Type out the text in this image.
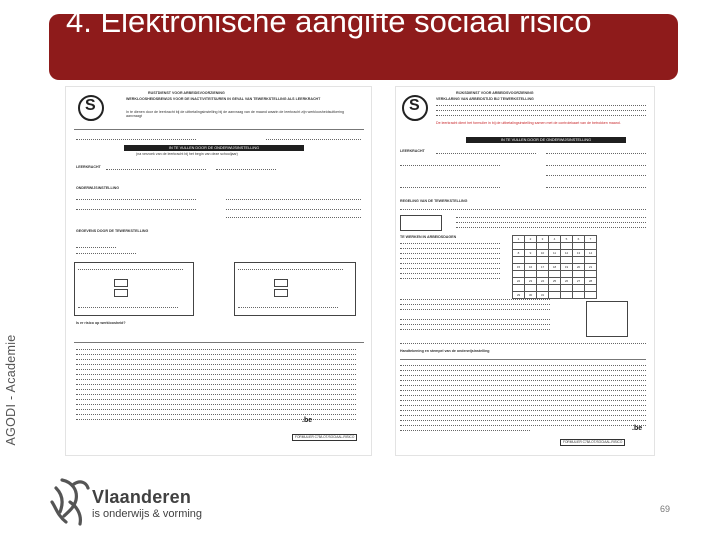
AGODI - Academie
4. Elektronische aangifte sociaal risico
S
RUSTDIENST VOOR ARBEIDSVOORZIENING
WERKLOOSHEIDSBEWIJS VOOR DE INACTIVITEITSUREN IN GEVAL VAN TEWERKSTELLING ALS LEERKRACHT
In te dienen door de leerkracht bij de uitbetalingsinstelling bij de aanvraag van de maand waarin de leerkracht zijn werkloosheidsuitkering aanvraagt
IN TE VULLEN DOOR DE ONDERWIJSINSTELLING
(na verzoek van de leerkracht bij het begin van deze schooljaar)
LEERKRACHT
ONDERWIJSINSTELLING
GEGEVENS DOOR DE TEWERKSTELLING
Is er risico op werkloosheid?
FORMULIER C78/LOT/SOCIAAL-RISICO
.be
S
RIJKSDIENST VOOR ARBEIDSVOORZIENING
VERKLARING VAN ARBEIDSTIJD BIJ TEWERKSTELLING
De leerkracht dient het formulier in bij de uitbetalingsinstelling samen met de controlekaart van de betrokken maand.
IN TE VULLEN DOOR DE ONDERWIJSINSTELLING
LEERKRACHT
REGELING VAN DE TEWERKSTELLING
TE WERKEN IN ARBEIDSDAGEN	1	2	3	4	5	6	7

8	9	10	11	12	13	14

15	16	17	18	19	20	21

22	23	24	25	26	27	28

29	30	31				
Handtekening en stempel van de onderwijsinstelling
FORMULIER C78/LOT/SOCIAAL-RISICO
.be
Vlaanderen
is onderwijs & vorming	69
